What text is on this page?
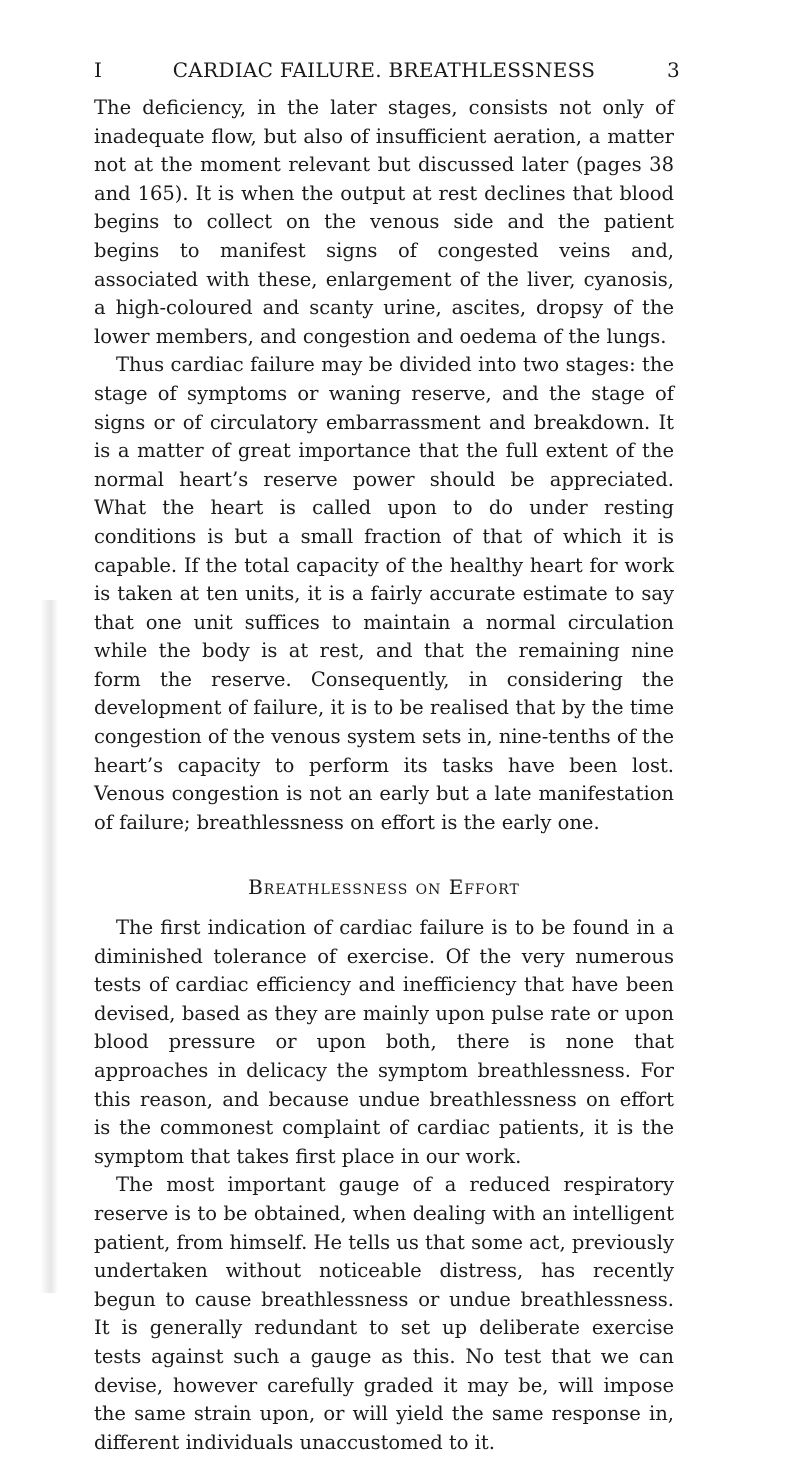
I	CARDIAC FAILURE. BREATHLESSNESS	3

The deficiency, in the later stages, consists not only of inadequate flow, but also of insufficient aeration, a matter not at the moment relevant but discussed later (pages 38 and 165). It is when the output at rest declines that blood begins to collect on the venous side and the patient begins to manifest signs of congested veins and, associated with these, enlargement of the liver, cyanosis, a high-coloured and scanty urine, ascites, dropsy of the lower members, and congestion and oedema of the lungs.

Thus cardiac failure may be divided into two stages: the stage of symptoms or waning reserve, and the stage of signs or of circulatory embarrassment and breakdown. It is a matter of great importance that the full extent of the normal heart’s reserve power should be appreciated. What the heart is called upon to do under resting conditions is but a small fraction of that of which it is capable. If the total capacity of the healthy heart for work is taken at ten units, it is a fairly accurate estimate to say that one unit suffices to maintain a normal circulation while the body is at rest, and that the remaining nine form the reserve. Consequently, in considering the development of failure, it is to be realised that by the time congestion of the venous system sets in, nine-tenths of the heart’s capacity to perform its tasks have been lost. Venous congestion is not an early but a late manifestation of failure; breathlessness on effort is the early one.

Breathlessness on Effort

The first indication of cardiac failure is to be found in a diminished tolerance of exercise. Of the very numerous tests of cardiac efficiency and inefficiency that have been devised, based as they are mainly upon pulse rate or upon blood pressure or upon both, there is none that approaches in delicacy the symptom breathlessness. For this reason, and because undue breathlessness on effort is the commonest complaint of cardiac patients, it is the symptom that takes first place in our work.

The most important gauge of a reduced respiratory reserve is to be obtained, when dealing with an intelligent patient, from himself. He tells us that some act, previously undertaken without noticeable distress, has recently begun to cause breathlessness or undue breathlessness. It is generally redundant to set up deliberate exercise tests against such a gauge as this. No test that we can devise, however carefully graded it may be, will impose the same strain upon, or will yield the same response in, different individuals unaccustomed to it.
